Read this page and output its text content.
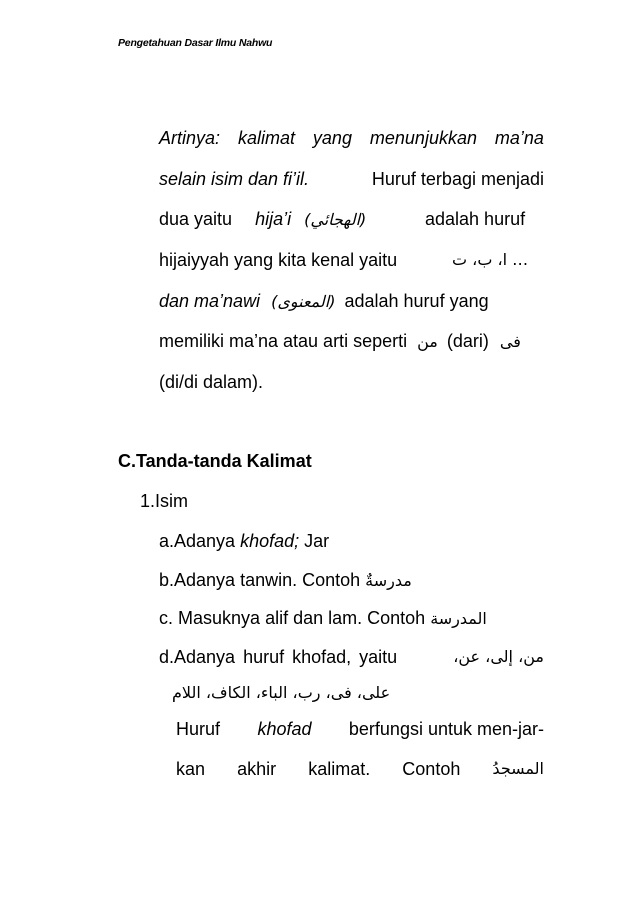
Pengetahuan Dasar Ilmu Nahwu
Artinya: kalimat yang menunjukkan ma’na
selain isim dan fi’il.	Huruf terbagi menjadi
dua yaitu hija’i (الهجائي)	adalah huruf
hijaiyyah yang kita kenal yaitu	… ا، ب، ت
dan ma’nawi (المعنوى) adalah huruf yang
memiliki ma’na atau arti seperti من (dari) فى
(di/di dalam).
C.Tanda-tanda Kalimat
1.Isim
a.Adanya khofad; Jar
b.Adanya tanwin. Contoh مدرسةٌ
c. Masuknya alif dan lam. Contoh المدرسة
d.Adanya huruf khofad, yaitu	من، إلى، عن،
على، فى، رب، الباء، الكاف، اللام
Huruf khofad berfungsi untuk men-jar-
kan akhir kalimat. Contoh المسجدُ
